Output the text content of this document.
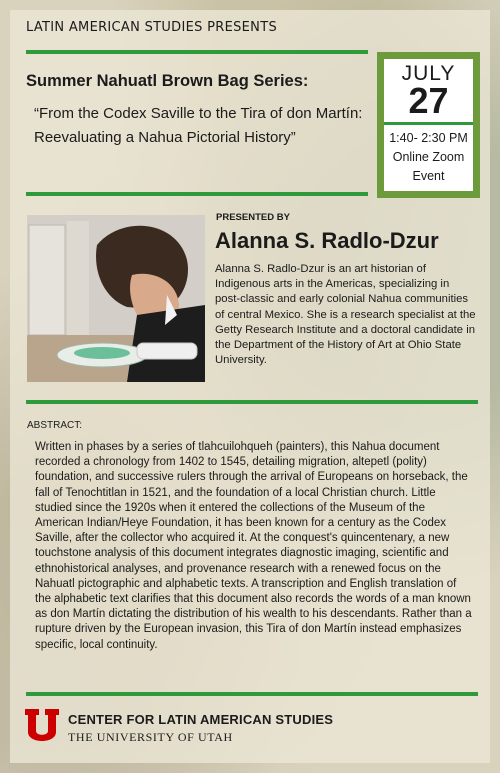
LATIN AMERICAN STUDIES PRESENTS
Summer Nahuatl Brown Bag Series:
“From the Codex Saville to the Tira of don Martín: Reevaluating a Nahua Pictorial History”
JULY
27
1:40- 2:30 PM
Online Zoom
Event
PRESENTED BY
Alanna S. Radlo-Dzur
Alanna S. Radlo-Dzur is an art historian of Indigenous arts in the Americas, specializing in post-classic and early colonial Nahua communities of central Mexico. She is a research specialist at the Getty Research Institute and a doctoral candidate in the Department of the History of Art at Ohio State University.
ABSTRACT:
Written in phases by a series of tlahcuilohqueh (painters), this Nahua document recorded a chronology from 1402 to 1545, detailing migration, altepetl (polity) foundation, and successive rulers through the arrival of Europeans on horseback, the fall of Tenochtitlan in 1521, and the foundation of a local Christian church. Little studied since the 1920s when it entered the collections of the Museum of the American Indian/Heye Foundation, it has been known for a century as the Codex Saville, after the collector who acquired it. At the conquest's quincentenary, a new touchstone analysis of this document integrates diagnostic imaging, scientific and ethnohistorical analyses, and provenance research with a renewed focus on the Nahuatl pictographic and alphabetic texts. A transcription and English translation of the alphabetic text clarifies that this document also records the words of a man known as don Martín dictating the distribution of his wealth to his descendants. Rather than a rupture driven by the European invasion, this Tira of don Martín instead emphasizes specific, local continuity.
CENTER FOR LATIN AMERICAN STUDIES
THE UNIVERSITY OF UTAH
